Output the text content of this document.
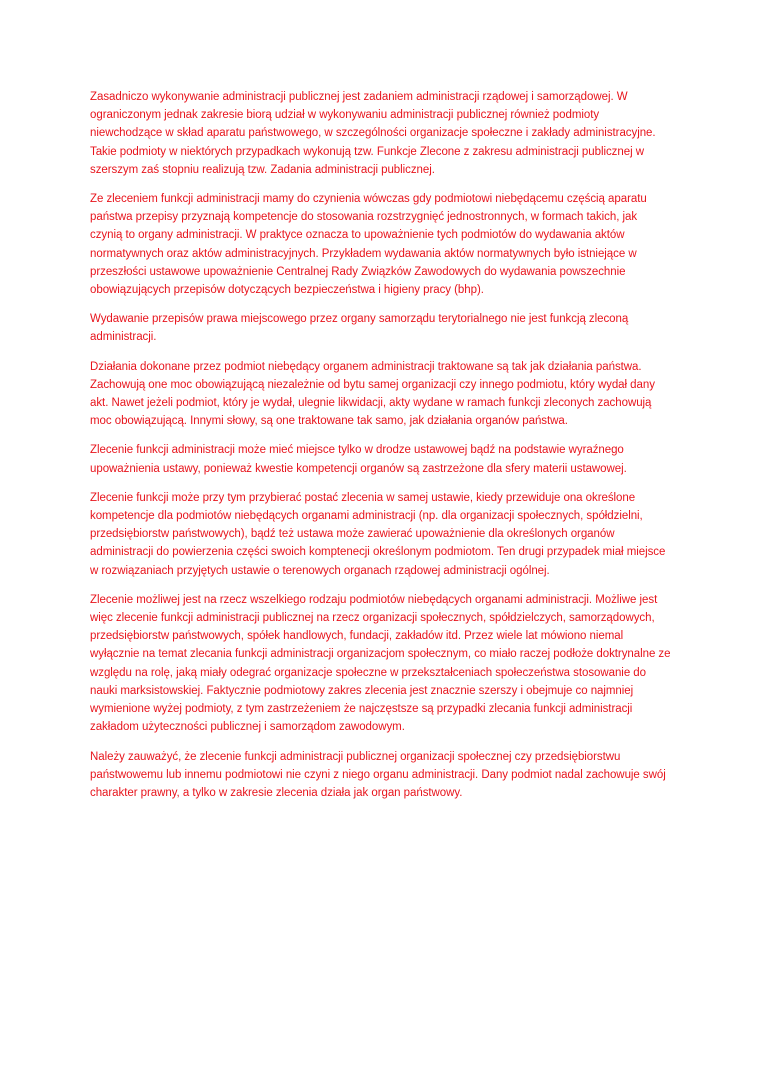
Zasadniczo wykonywanie administracji publicznej jest zadaniem administracji rządowej i samorządowej. W ograniczonym jednak zakresie biorą udział w wykonywaniu administracji publicznej również podmioty niewchodzące w skład aparatu państwowego, w szczególności organizacje społeczne i zakłady administracyjne. Takie podmioty w niektórych przypadkach wykonują tzw. Funkcje Zlecone z zakresu administracji publicznej w szerszym zaś stopniu realizują tzw. Zadania administracji publicznej.

Ze zleceniem funkcji administracji mamy do czynienia wówczas gdy podmiotowi niebędącemu częścią aparatu państwa przepisy przyznają kompetencje do stosowania rozstrzygnięć jednostronnych, w formach takich, jak czynią to organy administracji. W praktyce oznacza to upoważnienie tych podmiotów do wydawania aktów normatywnych oraz aktów administracyjnych. Przykładem wydawania aktów normatywnych było istniejące w przeszłości ustawowe upoważnienie Centralnej Rady Związków Zawodowych do wydawania powszechnie obowiązujących przepisów dotyczących bezpieczeństwa i higieny pracy (bhp).

Wydawanie przepisów prawa miejscowego przez organy samorządu terytorialnego nie jest funkcją zleconą administracji.

Działania dokonane przez podmiot niebędący organem administracji traktowane są tak jak działania państwa. Zachowują one moc obowiązującą niezależnie od bytu samej organizacji czy innego podmiotu, który wydał dany akt. Nawet jeżeli podmiot, który je wydał, ulegnie likwidacji, akty wydane w ramach funkcji zleconych zachowują moc obowiązującą. Innymi słowy, są one traktowane tak samo, jak działania organów państwa.

Zlecenie funkcji administracji może mieć miejsce tylko w drodze ustawowej bądź na podstawie wyraźnego upoważnienia ustawy, ponieważ kwestie kompetencji organów są zastrzeżone dla sfery materii ustawowej.

Zlecenie funkcji może przy tym przybierać postać zlecenia w samej ustawie, kiedy przewiduje ona określone kompetencje dla podmiotów niebędących organami administracji (np. dla organizacji społecznych, spółdzielni, przedsiębiorstw państwowych), bądź też ustawa może zawierać upoważnienie dla określonych organów administracji do powierzenia części swoich komptenecji określonym podmiotom. Ten drugi przypadek miał miejsce w rozwiązaniach przyjętych ustawie o terenowych organach rządowej administracji ogólnej.

Zlecenie możliwej jest na rzecz wszelkiego rodzaju podmiotów niebędących organami administracji. Możliwe jest więc zlecenie funkcji administracji publicznej na rzecz organizacji społecznych, spółdzielczych, samorządowych, przedsiębiorstw państwowych, spółek handlowych, fundacji, zakładów itd. Przez wiele lat mówiono niemal wyłącznie na temat zlecania funkcji administracji organizacjom społecznym, co miało raczej podłoże doktrynalne ze względu na rolę, jaką miały odegrać organizacje społeczne w przekształceniach społeczeństwa stosowanie do nauki marksistowskiej. Faktycznie podmiotowy zakres zlecenia jest znacznie szerszy i obejmuje co najmniej wymienione wyżej podmioty, z tym zastrzeżeniem że najczęstsze są przypadki zlecania funkcji administracji zakładom użyteczności publicznej i samorządom zawodowym.

Należy zauważyć, że zlecenie funkcji administracji publicznej organizacji społecznej czy przedsiębiorstwu państwowemu lub innemu podmiotowi nie czyni z niego organu administracji. Dany podmiot nadal zachowuje swój charakter prawny, a tylko w zakresie zlecenia działa jak organ państwowy.
